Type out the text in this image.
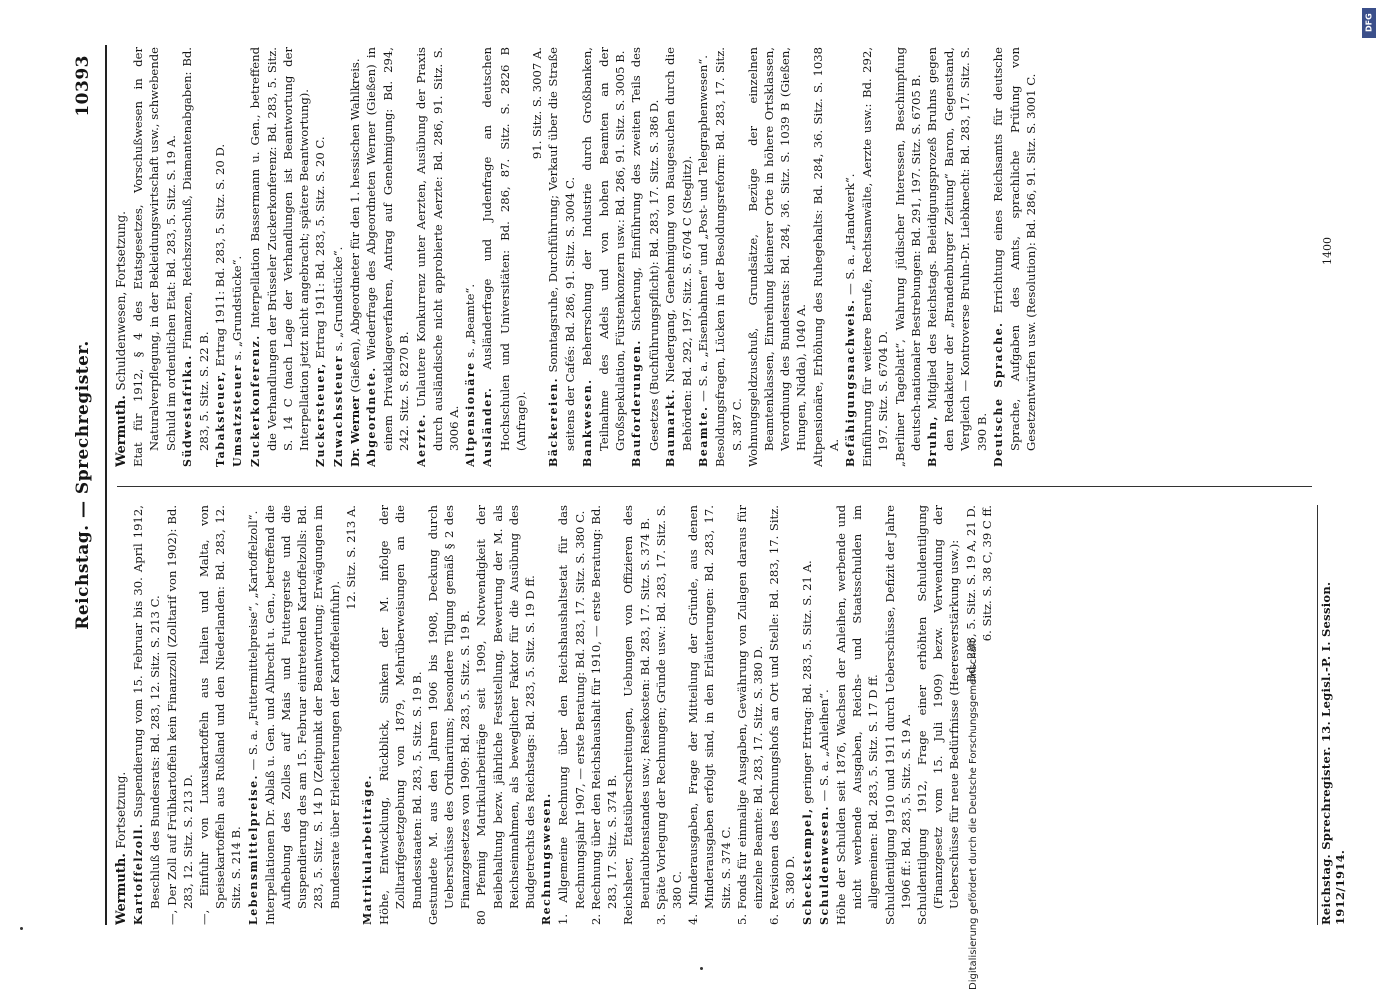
Reichstag. — Sprechregister.
10393
Wermuth. Fortsetzung.

Kartoffelzoll. Suspendierung vom 15. Februar bis 30. April 1912, Beschluß des Bundesrats: Bd. 283, 12. Sitz. S. 213 C. —, Der Zoll auf Frühkartoffeln kein Finanzzoll (Zolltarif von 1902): Bd. 283, 12. Sitz. S. 213 D. —, Einfuhr von Luxuskartoffeln aus Italien und Malta, von Speisekartoffeln aus Rußland und den Niederlanden: Bd. 283, 12. Sitz. S. 214 B. Lebensmittelpreise. — S. a. „Futtermittelpreise“, „Kartoffelzoll“. Interpellationen Dr. Ablaß u. Gen. und Albrecht u. Gen., betreffend die Aufhebung des Zolles auf Mais und Futtergerste und die Suspendierung des am 15. Februar eintretenden Kartoffelzolls: Bd. 283, 5. Sitz. S. 14 D (Zeitpunkt der Beantwortung; Erwägungen im Bundesrate über Erleichterungen der Kartoffeleinfuhr).

12. Sitz. S. 213 A.

Matrikularbeiträge. Höhe, Entwicklung, Rückblick, Sinken der M. infolge der Zolltarifgesetzgebung von 1879, Mehrüberweisungen an die Bundesstaaten: Bd. 283, 5. Sitz. S. 19 B. Gestundete M. aus den Jahren 1906 bis 1908, Deckung durch Ueberschüsse des Ordinariums; besondere Tilgung gemäß § 2 des Finanzgesetzes von 1909: Bd. 283, 5. Sitz. S. 19 B. 80 Pfennig Matrikularbeiträge seit 1909, Notwendigkeit der Beibehaltung bezw. jährliche Feststellung, Bewertung der M. als Reichseinnahmen, als beweglicher Faktor für die Ausübung des Budgetrechts des Reichstags: Bd. 283, 5. Sitz. S. 19 D ff. Rechnungswesen. 1. Allgemeine Rechnung über den Reichshaushaltsetat für das Rechnungsjahr 1907, — erste Beratung: Bd. 283, 17. Sitz. S. 380 C. 2. Rechnung über den Reichshaushalt für 1910, — erste Beratung: Bd. 283, 17. Sitz. S. 374 B. Reichsheer, Etatsüberschreitungen, Uebungen von Offizieren des Beurlaubtenstandes usw.; Reisekosten: Bd. 283, 17. Sitz. S. 374 B. 3. Späte Vorlegung der Rechnungen; Gründe usw.: Bd. 283, 17. Sitz. S. 380 C. 4. Minderausgaben, Frage der Mitteilung der Gründe, aus denen Minderausgaben erfolgt sind, in den Erläuterungen: Bd. 283, 17. Sitz. S. 374 C. 5. Fonds für einmalige Ausgaben, Gewährung von Zulagen daraus für einzelne Beamte: Bd. 283, 17. Sitz. S. 380 D. 6. Revisionen des Rechnungshofs an Ort und Stelle: Bd. 283, 17. Sitz. S. 380 D. Scheckstempel, geringer Ertrag: Bd. 283, 5. Sitz. S. 21 A.

Schuldenwesen. — S. a. „Anleihen“. Höhe der Schulden seit 1876, Wachsen der Anleihen, werbende und nicht werbende Ausgaben, Reichs- und Staatsschulden im allgemeinen: Bd. 283, 5. Sitz. S. 17 D ff. Schuldentilgung 1910 und 1911 durch Ueberschüsse, Defizit der Jahre 1906 ff.: Bd. 283, 5. Sitz. S. 19 A. Schuldentilgung 1912, Frage einer erhöhten Schuldentilgung (Finanzgesetz vom 15. Juli 1909) bezw. Verwendung der Ueberschüsse für neue Bedürfnisse (Heeresverstärkung usw.): Bd. 283, 5. Sitz. S. 19 A, 21 D. 6. Sitz. S. 38 C, 39 C ff.

Wermuth. Schuldenwesen, Fortsetzung. Etat für 1912, § 4 des Etatsgesetzes, Vorschußwesen in der Naturalverpflegung, in der Bekleidungswirtschaft usw., schwebende Schuld im ordentlichen Etat: Bd. 283, 5. Sitz. S. 19 A. Südwestafrika. Finanzen, Reichszuschuß, Diamantenabgaben: Bd. 283, 5. Sitz. S. 22 B. Tabaksteuer, Ertrag 1911: Bd. 283, 5. Sitz. S. 20 D.

Umsatzsteuer s. „Grundstücke“.

Zuckerkonferenz. Interpellation Bassermann u. Gen., betreffend die Verhandlungen der Brüsseler Zuckerkonferenz: Bd. 283, 5. Sitz. S. 14 C (nach Lage der Verhandlungen ist Beantwortung der Interpellation jetzt nicht angebracht; spätere Beantwortung). Zuckersteuer, Ertrag 1911: Bd. 283, 5. Sitz. S. 20 C.

Zuwachssteuer s. „Grundstücke“.

Dr. Werner (Gießen), Abgeordneter für den 1. hessischen Wahlkreis.

Abgeordnete. Wiederfrage des Abgeordneten Werner (Gießen) in einem Privatklageverfahren, Antrag auf Genehmigung: Bd. 294, 242. Sitz. S. 8270 B. Aerzte. Unlautere Konkurrenz unter Aerzten, Ausübung der Praxis durch ausländische nicht approbierte Aerzte: Bd. 286, 91. Sitz. S. 3006 A. Altpensionäre s. „Beamte“.

Ausländer. Ausländerfrage und Judenfrage an deutschen Hochschulen und Universitäten: Bd. 286, 87. Sitz. S. 2826 B (Anfrage).

91. Sitz. S. 3007 A.

Bäckereien. Sonntagsruhe, Durchführung; Verkauf über die Straße seitens der Cafés: Bd. 286, 91. Sitz. S. 3004 C. Bankwesen. Beherrschung der Industrie durch Großbanken, Teilnahme des Adels und von hohen Beamten an der Großspekulation, Fürstenkonzern usw.: Bd. 286, 91. Sitz. S. 3005 B. Bauforderungen. Sicherung, Einführung des zweiten Teils des Gesetzes (Buchführungspflicht): Bd. 283, 17. Sitz. S. 386 D. Baumarkt. Niedergang, Genehmigung von Baugesuchen durch die Behörden: Bd. 292, 197. Sitz. S. 6704 C (Steglitz). Beamte. — S. a. „Eisenbahnen“ und „Post- und Telegraphenwesen“. Besoldungsfragen, Lücken in der Besoldungsreform: Bd. 283, 17. Sitz. S. 387 C. Wohnungsgeldzuschuß, Grundsätze, Bezüge der einzelnen Beamtenklassen, Einreihung kleinerer Orte in höhere Ortsklassen, Verordnung des Bundesrats: Bd. 284, 36. Sitz. S. 1039 B (Gießen, Hungen, Nidda), 1040 A. Altpensionäre, Erhöhung des Ruhegehalts: Bd. 284, 36. Sitz. S. 1038 A. Befähigungsnachweis. — S. a. „Handwerk“. Einführung für weitere Berufe, Rechtsanwälte, Aerzte usw.: Bd. 292, 197. Sitz. S. 6704 D. „Berliner Tageblatt“, Wahrung jüdischer Interessen, Beschimpfung deutsch-nationaler Bestrebungen: Bd. 291, 197. Sitz. S. 6705 B. Bruhn, Mitglied des Reichstags. Beleidigungsprozeß Bruhns gegen den Redakteur der „Brandenburger Zeitung“ Baron, Gegenstand, Vergleich — Kontroverse Bruhn-Dr. Liebknecht: Bd. 283, 17. Sitz. S. 390 B. Deutsche Sprache. Errichtung eines Reichsamts für deutsche Sprache, Aufgaben des Amts, sprachliche Prüfung von Gesetzentwürfen usw. (Resolution): Bd. 286, 91. Sitz. S. 3001 C.

Reichstag. Sprechregister. 13. Legisl.-P. I. Session. 1912/1914.
1400
Digitalisierung gefördert durch die Deutsche Forschungsgemeinschaft
DFG
